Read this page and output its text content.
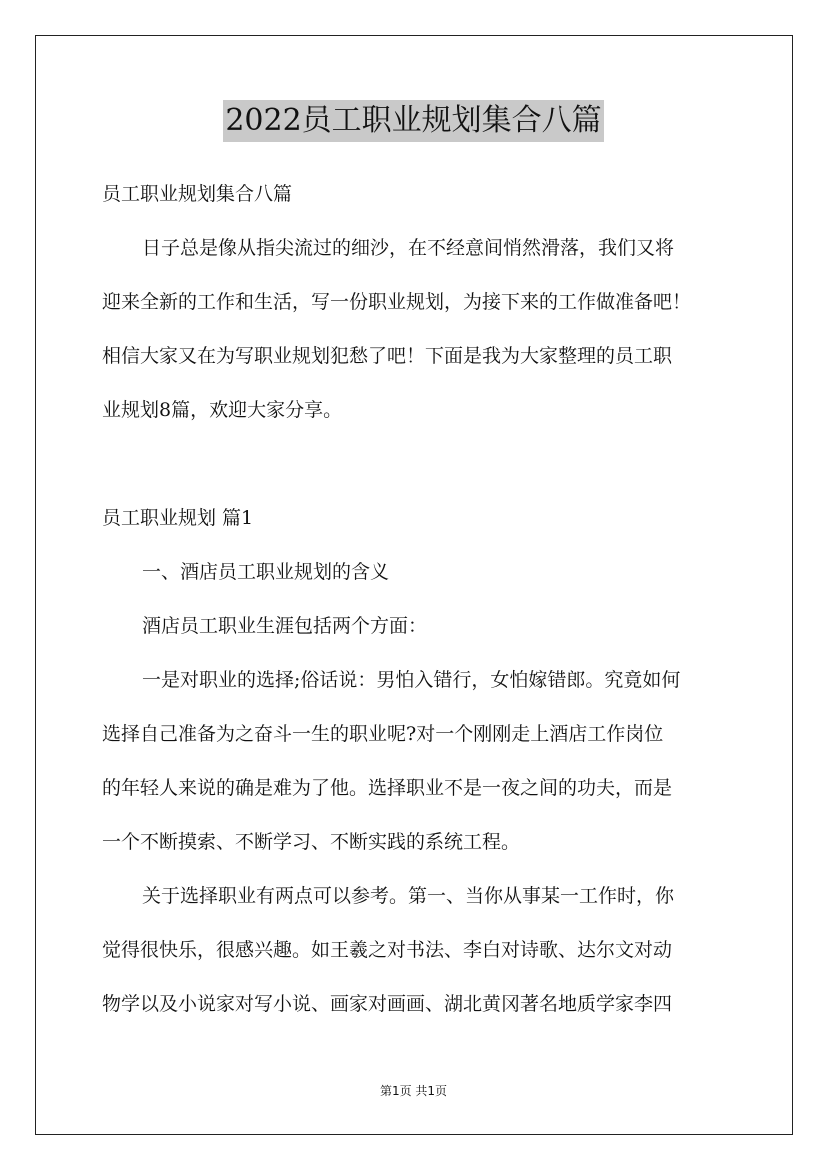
2022员工职业规划集合八篇
员工职业规划集合八篇
日子总是像从指尖流过的细沙，在不经意间悄然滑落，我们又将
迎来全新的工作和生活，写一份职业规划，为接下来的工作做准备吧！
相信大家又在为写职业规划犯愁了吧！下面是我为大家整理的员工职
业规划8篇，欢迎大家分享。
员工职业规划 篇1
一、酒店员工职业规划的含义
酒店员工职业生涯包括两个方面：
一是对职业的选择;俗话说：男怕入错行，女怕嫁错郎。究竟如何
选择自己准备为之奋斗一生的职业呢?对一个刚刚走上酒店工作岗位
的年轻人来说的确是难为了他。选择职业不是一夜之间的功夫，而是
一个不断摸索、不断学习、不断实践的系统工程。
关于选择职业有两点可以参考。第一、当你从事某一工作时，你
觉得很快乐，很感兴趣。如王羲之对书法、李白对诗歌、达尔文对动
物学以及小说家对写小说、画家对画画、湖北黄冈著名地质学家李四
第1页 共1页
